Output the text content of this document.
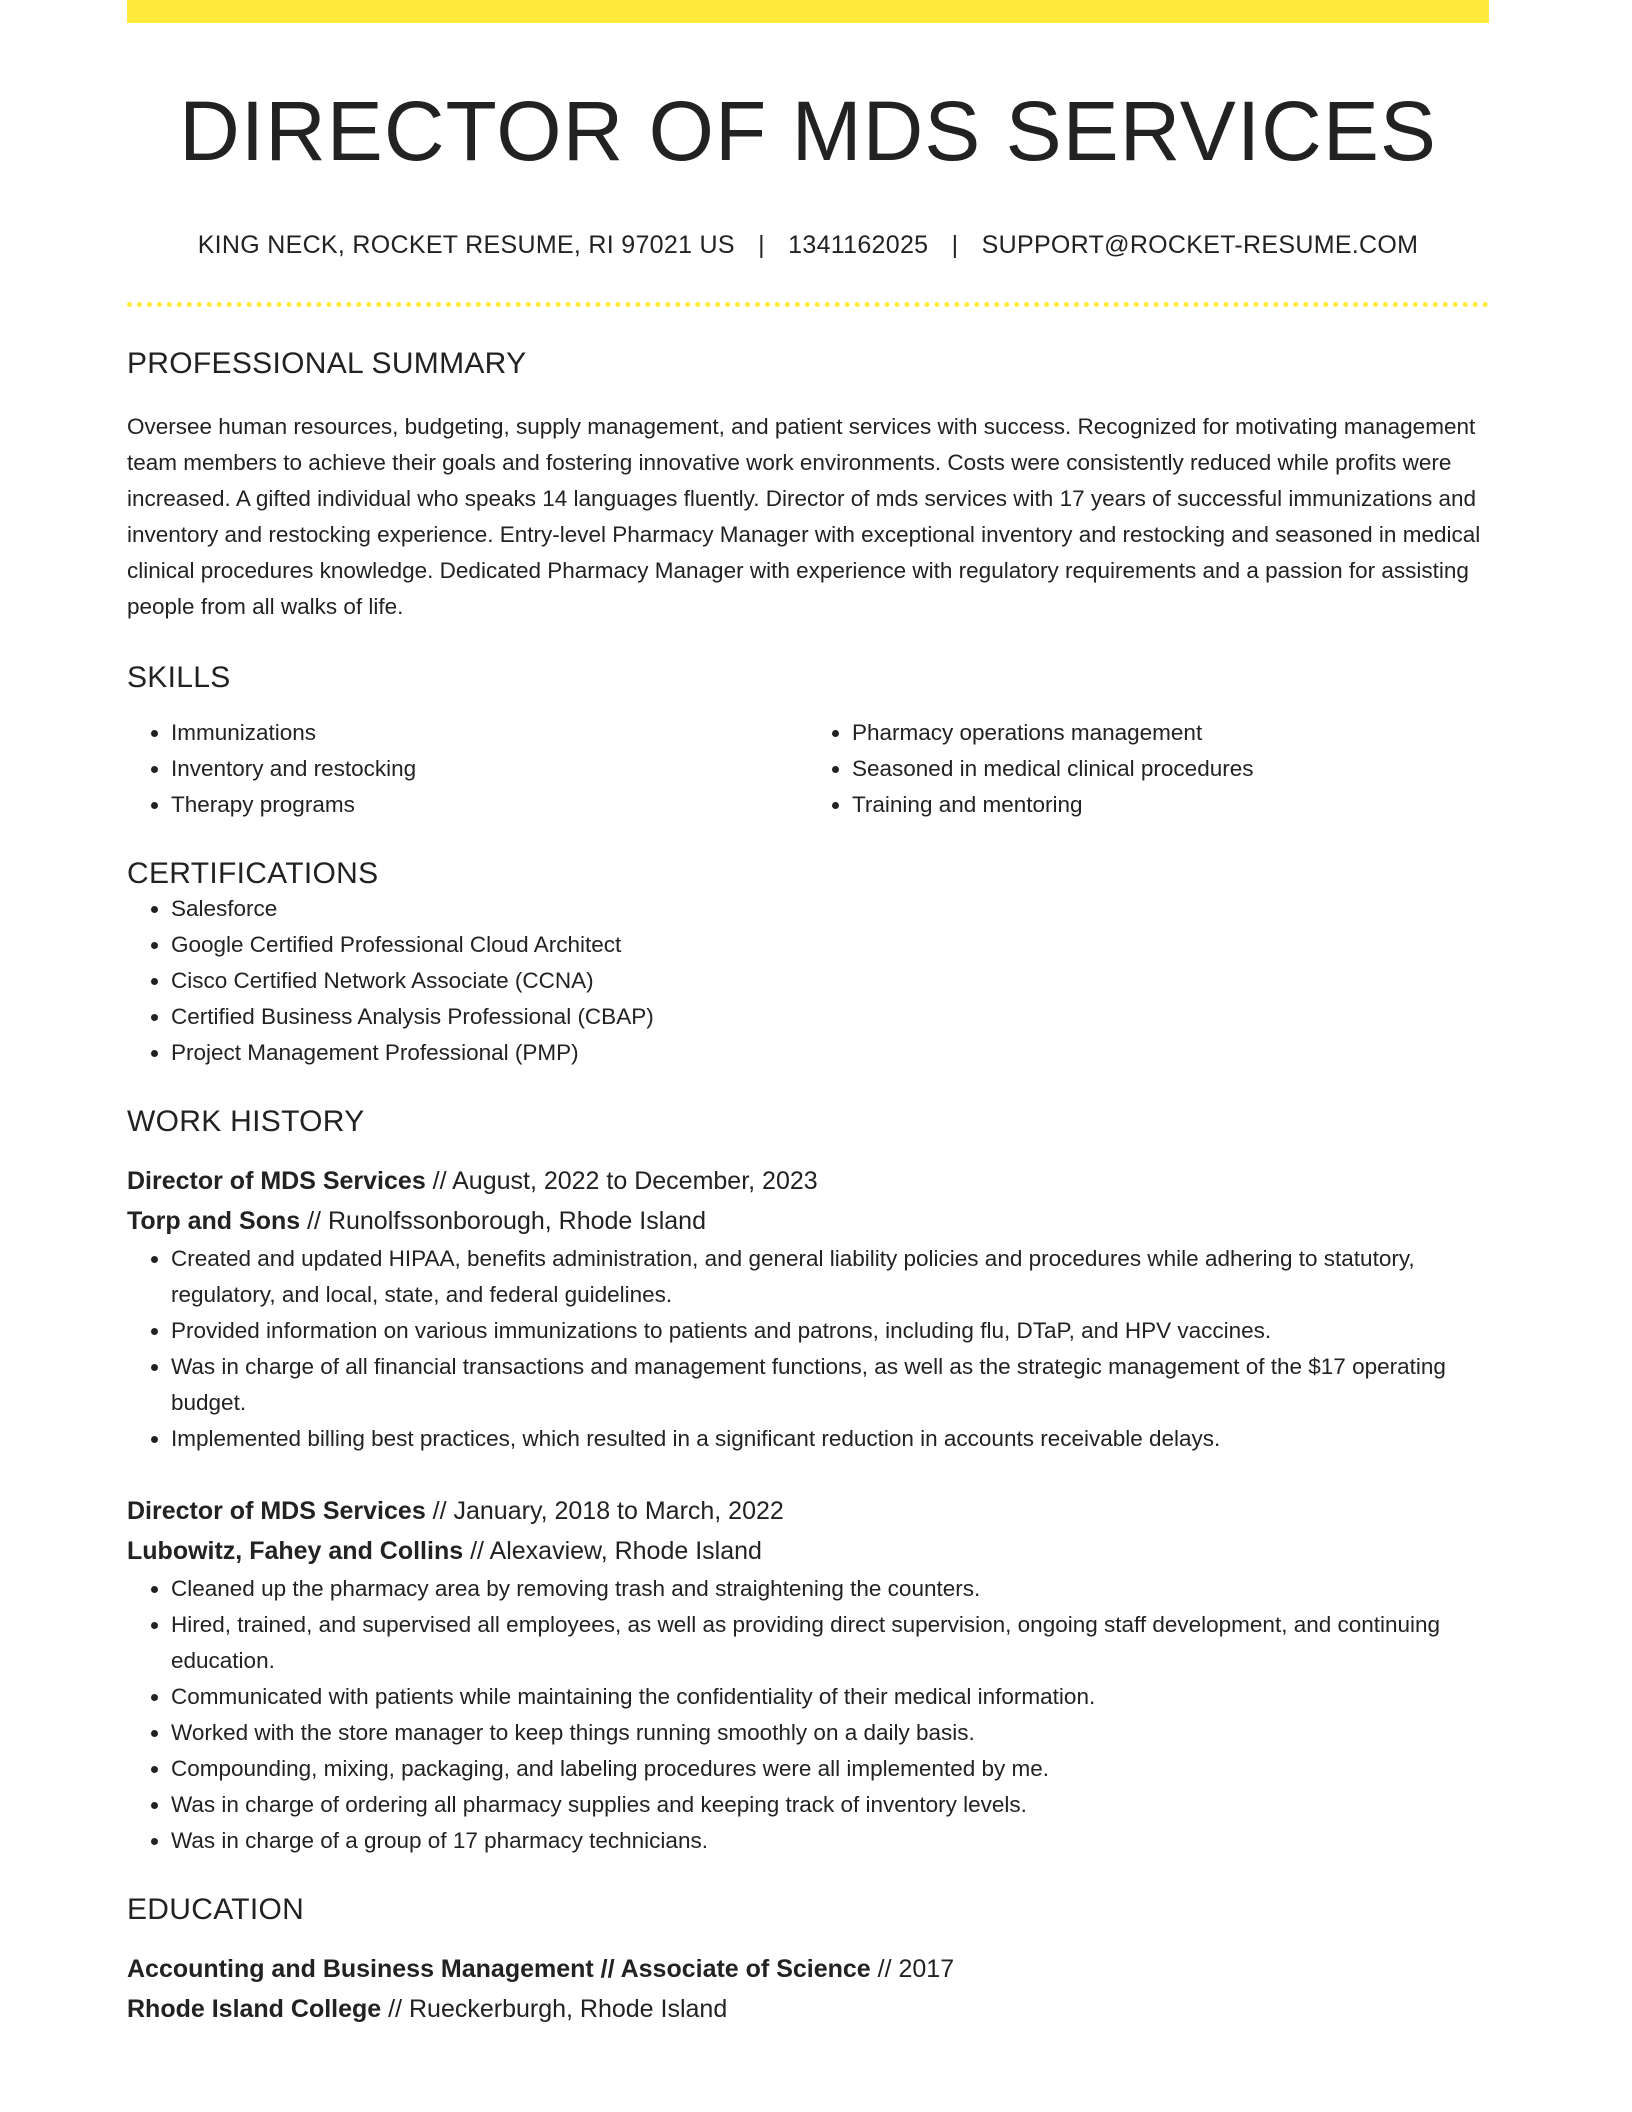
DIRECTOR OF MDS SERVICES
KING NECK, ROCKET RESUME, RI 97021 US | 1341162025 | SUPPORT@ROCKET-RESUME.COM
PROFESSIONAL SUMMARY

Oversee human resources, budgeting, supply management, and patient services with success. Recognized for motivating management team members to achieve their goals and fostering innovative work environments. Costs were consistently reduced while profits were increased. A gifted individual who speaks 14 languages fluently. Director of mds services with 17 years of successful immunizations and inventory and restocking experience. Entry-level Pharmacy Manager with exceptional inventory and restocking and seasoned in medical clinical procedures knowledge. Dedicated Pharmacy Manager with experience with regulatory requirements and a passion for assisting people from all walks of life.

SKILLS
• Immunizations
• Inventory and restocking
• Therapy programs
• Pharmacy operations management
• Seasoned in medical clinical procedures
• Training and mentoring
CERTIFICATIONS
• Salesforce
• Google Certified Professional Cloud Architect
• Cisco Certified Network Associate (CCNA)
• Certified Business Analysis Professional (CBAP)
• Project Management Professional (PMP)
WORK HISTORY
Director of MDS Services // August, 2022 to December, 2023
Torp and Sons // Runolfssonborough, Rhode Island
• Created and updated HIPAA, benefits administration, and general liability policies and procedures while adhering to statutory, regulatory, and local, state, and federal guidelines.
• Provided information on various immunizations to patients and patrons, including flu, DTaP, and HPV vaccines.
• Was in charge of all financial transactions and management functions, as well as the strategic management of the $17 operating budget.
• Implemented billing best practices, which resulted in a significant reduction in accounts receivable delays.
Director of MDS Services // January, 2018 to March, 2022
Lubowitz, Fahey and Collins // Alexaview, Rhode Island
• Cleaned up the pharmacy area by removing trash and straightening the counters.
• Hired, trained, and supervised all employees, as well as providing direct supervision, ongoing staff development, and continuing education.
• Communicated with patients while maintaining the confidentiality of their medical information.
• Worked with the store manager to keep things running smoothly on a daily basis.
• Compounding, mixing, packaging, and labeling procedures were all implemented by me.
• Was in charge of ordering all pharmacy supplies and keeping track of inventory levels.
• Was in charge of a group of 17 pharmacy technicians.
EDUCATION
Accounting and Business Management // Associate of Science // 2017
Rhode Island College // Rueckerburgh, Rhode Island
